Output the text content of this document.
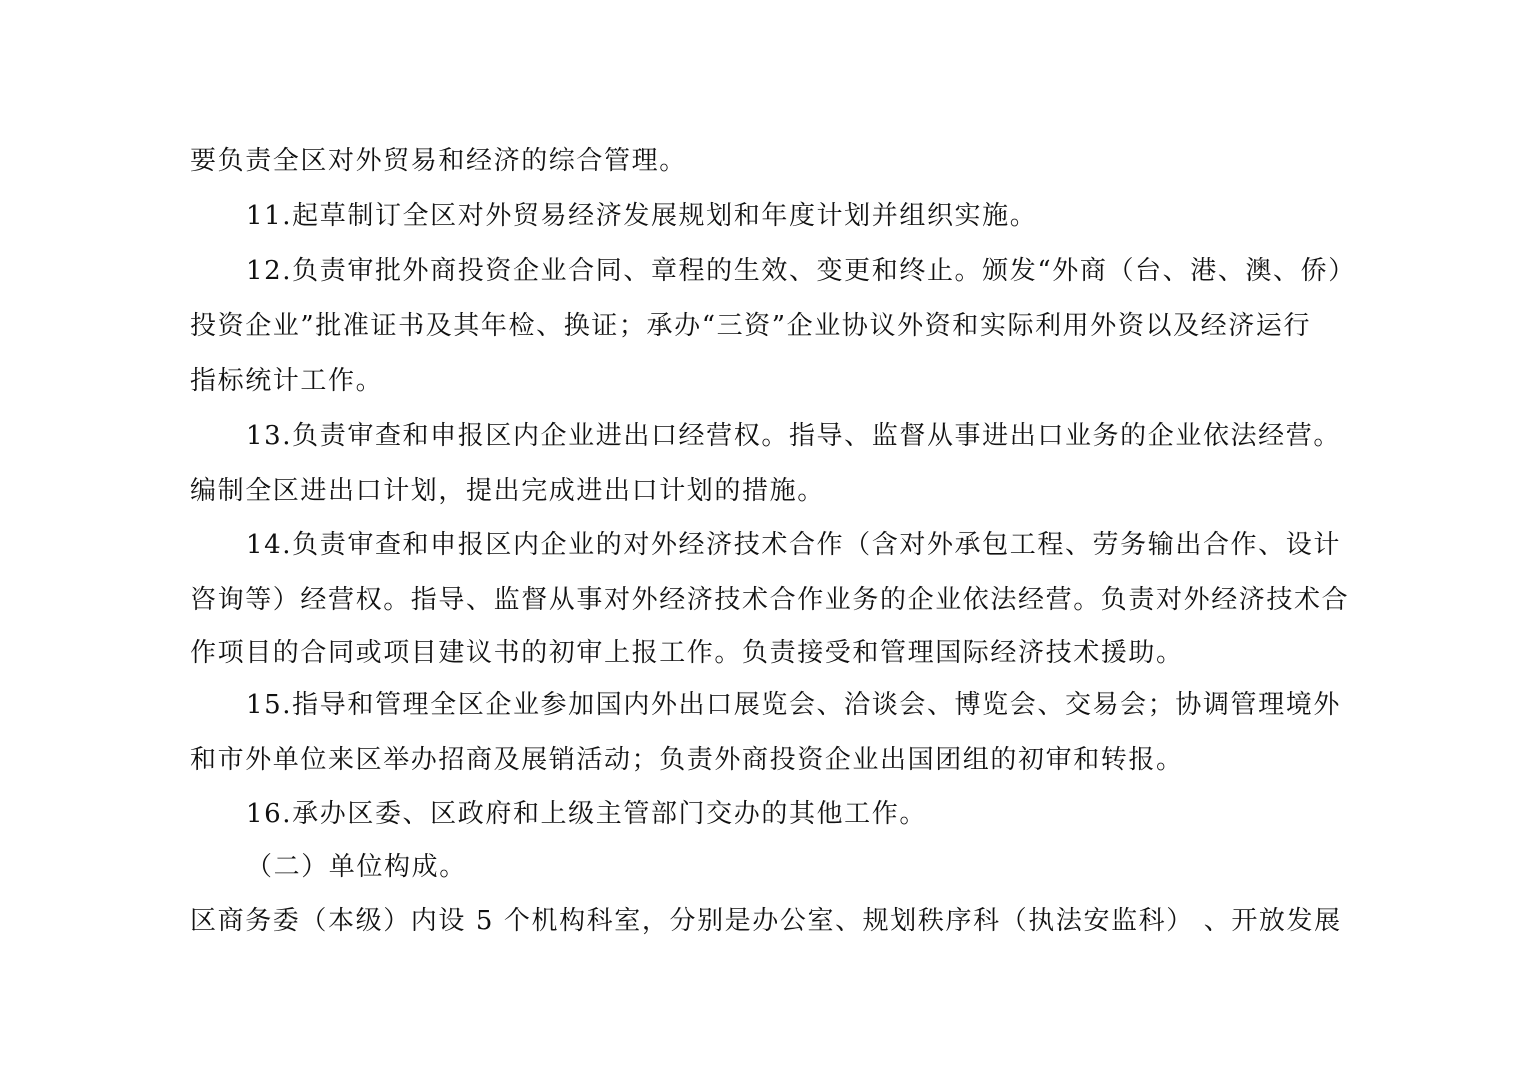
要负责全区对外贸易和经济的综合管理。
11.起草制订全区对外贸易经济发展规划和年度计划并组织实施。
12.负责审批外商投资企业合同、章程的生效、变更和终止。颁发“外商（台、港、澳、侨）
投资企业”批准证书及其年检、换证；承办“三资”企业协议外资和实际利用外资以及经济运行
指标统计工作。
13.负责审查和申报区内企业进出口经营权。指导、监督从事进出口业务的企业依法经营。
编制全区进出口计划，提出完成进出口计划的措施。
14.负责审查和申报区内企业的对外经济技术合作（含对外承包工程、劳务输出合作、设计
咨询等）经营权。指导、监督从事对外经济技术合作业务的企业依法经营。负责对外经济技术合
作项目的合同或项目建议书的初审上报工作。负责接受和管理国际经济技术援助。
15.指导和管理全区企业参加国内外出口展览会、洽谈会、博览会、交易会；协调管理境外
和市外单位来区举办招商及展销活动；负责外商投资企业出国团组的初审和转报。
16.承办区委、区政府和上级主管部门交办的其他工作。
（二）单位构成。
区商务委（本级）内设 5 个机构科室，分别是办公室、规划秩序科（执法安监科） 、开放发展
